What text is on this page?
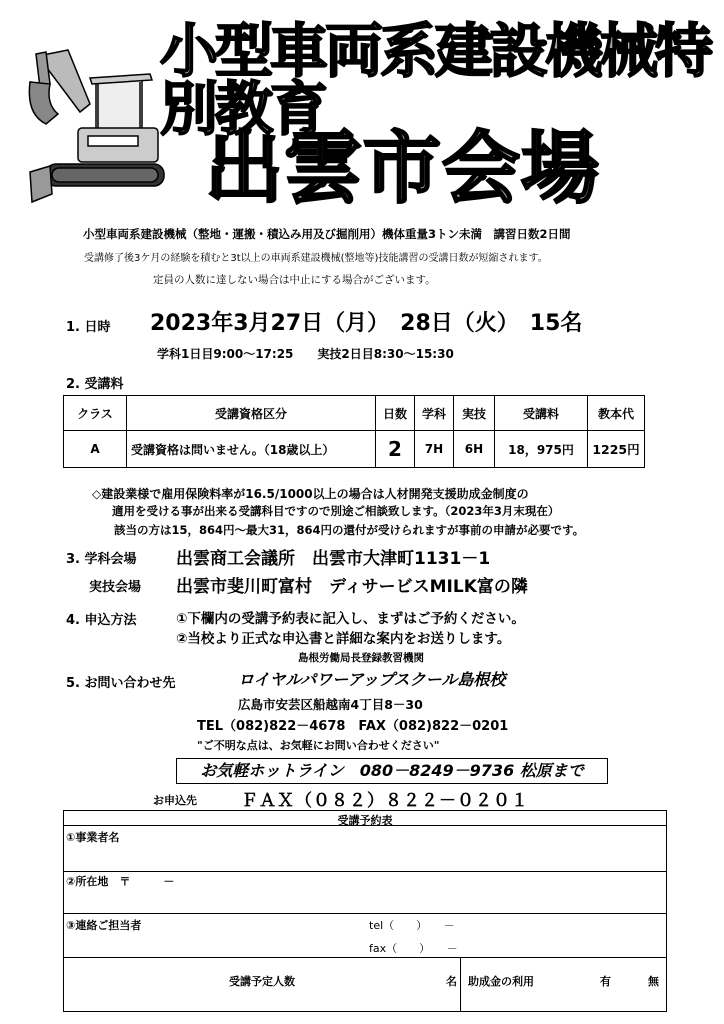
小型車両系建設機械特別教育
出雲市会場
小型車両系建設機械（整地・運搬・積込み用及び掘削用）機体重量3トン未満　講習日数2日間
受講修了後3ケ月の経験を積むと3t以上の車両系建設機械(整地等)技能講習の受講日数が短縮されます。
定員の人数に達しない場合は中止にする場合がございます。
1. 日時 2023年3月27日（月）　28日（火）　15名
学科1日目9:00～17:25　　実技2日目8:30～15:30
2. 受講料
クラス	受講資格区分	日数	学科	実技	受講料	教本代
A	受講資格は問いません。（18歳以上）	2	7H	6H	18，975円	1225円
◇建設業様で雇用保険料率が16.5/1000以上の場合は人材開発支援助成金制度の
適用を受ける事が出来る受講科目ですので別途ご相談致します。（2023年3月末現在）
該当の方は15，864円～最大31，864円の還付が受けられますが事前の申請が必要です。
3. 学科会場 出雲商工会議所　出雲市大津町1131－1
実技会場 出雲市斐川町富村　ディサービスMILK富の隣
4. 申込方法	①下欄内の受講予約表に記入し、まずはご予約ください。
②当校より正式な申込書と詳細な案内をお送りします。
島根労働局長登録教習機関
5. お問い合わせ先	ロイヤルパワーアップスクール島根校
広島市安芸区船越南4丁目8－30
TEL（082)822－4678　FAX（082)822－0201
"ご不明な点は、お気軽にお問い合わせください"
お気軽ホットライン　080－8249－9736 松原まで
お申込先	ＦＡＸ（０８２）８２２－０２０１
受講予約表
①事業者名
②所在地　〒　　　－
③連絡ご担当者	tel（　　）　　－
fax（　　）　　－
受講予定人数	名 助成金の利用	有	無
